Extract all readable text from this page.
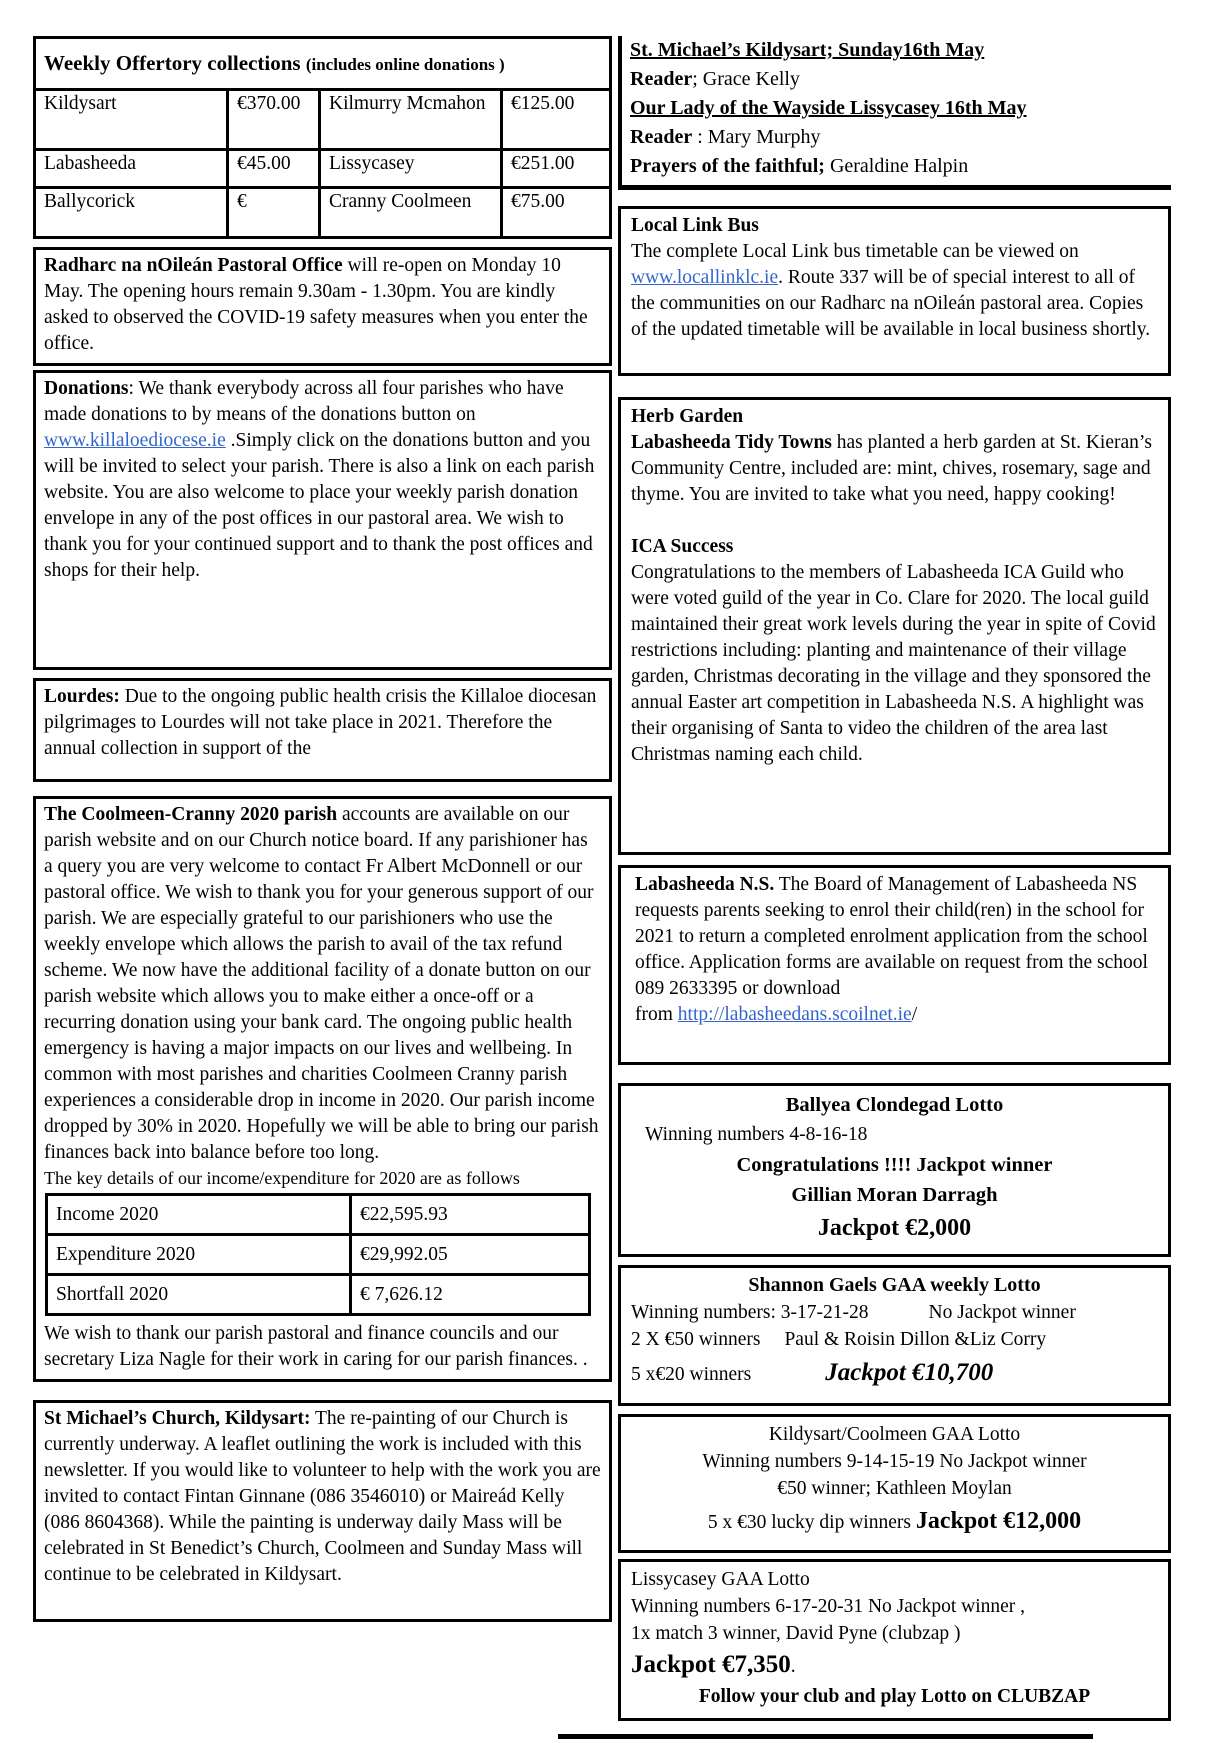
Weekly Offertory collections (includes online donations )			
Kildysart	€370.00	Kilmurry Mcmahon	€125.00
Labasheeda	€45.00	Lissycasey	€251.00
Ballycorick	€	Cranny Coolmeen	€75.00
Radharc na nOileán Pastoral Office will re-open on Monday 10 May. The opening hours remain 9.30am - 1.30pm. You are kindly asked to observed the COVID-19 safety measures when you enter the office.
Donations: We thank everybody across all four parishes who have made donations to by means of the donations button on www.killaloediocese.ie .Simply click on the donations button and you will be invited to select your parish. There is also a link on each parish website. You are also welcome to place your weekly parish donation envelope in any of the post offices in our pastoral area. We wish to thank you for your continued support and to thank the post offices and shops for their help.
Lourdes: Due to the ongoing public health crisis the Killaloe diocesan pilgrimages to Lourdes will not take place in 2021. Therefore the annual collection in support of the
The Coolmeen-Cranny 2020 parish accounts are available on our parish website and on our Church notice board. If any parishioner has a query you are very welcome to contact Fr Albert McDonnell or our pastoral office. We wish to thank you for your generous support of our parish. We are especially grateful to our parishioners who use the weekly envelope which allows the parish to avail of the tax refund scheme. We now have the additional facility of a donate button on our parish website which allows you to make either a once-off or a recurring donation using your bank card. The ongoing public health emergency is having a major impacts on our lives and wellbeing. In common with most parishes and charities Coolmeen Cranny parish experiences a considerable drop in income in 2020. Our parish income dropped by 30% in 2020. Hopefully we will be able to bring our parish finances back into balance before too long.
The key details of our income/expenditure for 2020 are as follows
Income 2020	€22,595.93
Expenditure 2020	€29,992.05
Shortfall 2020	€ 7,626.12
We wish to thank our parish pastoral and finance councils and our secretary Liza Nagle for their work in caring for our parish finances. .
St Michael’s Church, Kildysart: The re-painting of our Church is currently underway. A leaflet outlining the work is included with this newsletter. If you would like to volunteer to help with the work you are invited to contact Fintan Ginnane (086 3546010) or Maireád Kelly (086 8604368). While the painting is underway daily Mass will be celebrated in St Benedict’s Church, Coolmeen and Sunday Mass will continue to be celebrated in Kildysart.
St. Michael’s Kildysart; Sunday16th May
Reader; Grace Kelly
Our Lady of the Wayside Lissycasey 16th May
Reader : Mary Murphy
Prayers of the faithful; Geraldine Halpin
Local Link Bus
The complete Local Link bus timetable can be viewed on www.locallinklc.ie. Route 337 will be of special interest to all of the communities on our Radharc na nOileán pastoral area. Copies of the updated timetable will be available in local business shortly.
Herb Garden
Labasheeda Tidy Towns has planted a herb garden at St. Kieran’s Community Centre, included are: mint, chives, rosemary, sage and thyme. You are invited to take what you need, happy cooking!
ICA Success
Congratulations to the members of Labasheeda ICA Guild who were voted guild of the year in Co. Clare for 2020. The local guild maintained their great work levels during the year in spite of Covid restrictions including: planting and maintenance of their village garden, Christmas decorating in the village and they sponsored the annual Easter art competition in Labasheeda N.S. A highlight was their organising of Santa to video the children of the area last Christmas naming each child.
Labasheeda N.S. The Board of Management of Labasheeda NS requests parents seeking to enrol their child(ren) in the school for 2021 to return a completed enrolment application from the school office. Application forms are available on request from the school 089 2633395 or download
from http://labasheedans.scoilnet.ie/
Ballyea Clondegad Lotto
Winning numbers 4-8-16-18
Congratulations !!!! Jackpot winner
Gillian Moran Darragh
Jackpot €2,000
Shannon Gaels GAA weekly Lotto
Winning numbers: 3-17-21-28	No Jackpot winner
2 X €50 winners Paul & Roisin Dillon &Liz Corry
5 x€20 winners	Jackpot €10,700
Kildysart/Coolmeen GAA Lotto
Winning numbers 9-14-15-19 No Jackpot winner
€50 winner; Kathleen Moylan
5 x €30 lucky dip winners Jackpot €12,000
Lissycasey GAA Lotto
Winning numbers 6-17-20-31 No Jackpot winner ,
1x match 3 winner, David Pyne (clubzap )
Jackpot €7,350.
Follow your club and play Lotto on CLUBZAP
